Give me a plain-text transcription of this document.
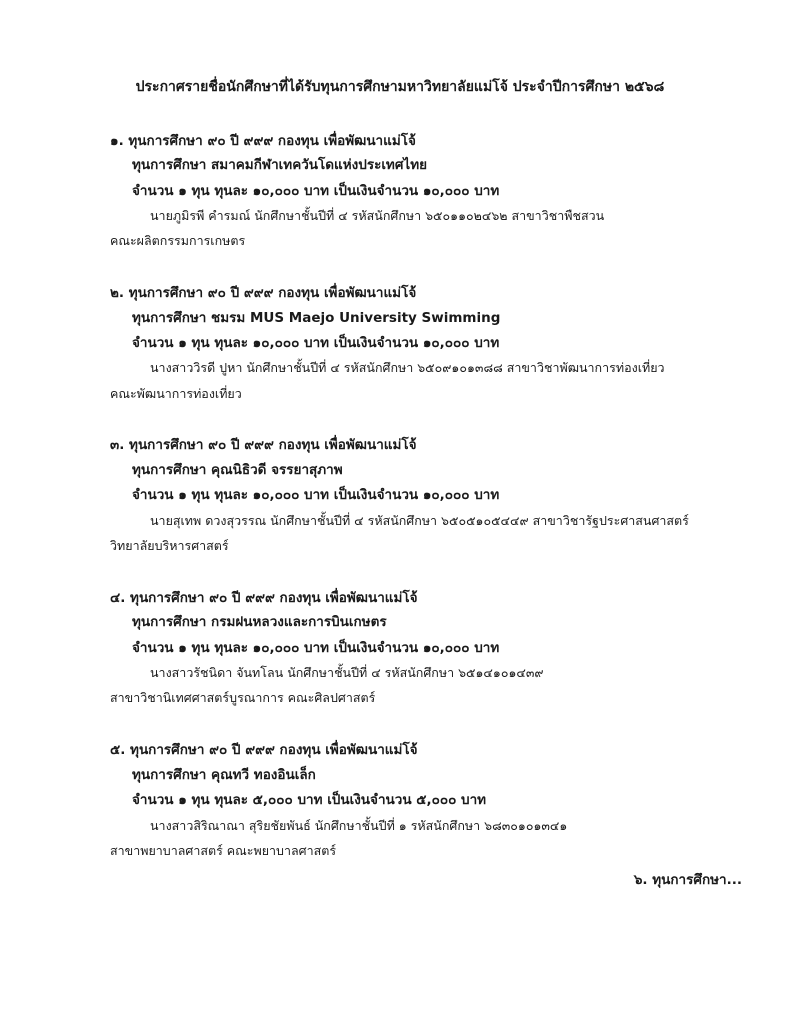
ประกาศรายชื่อนักศึกษาที่ได้รับทุนการศึกษามหาวิทยาลัยแม่โจ้ ประจำปีการศึกษา ๒๕๖๘
๑. ทุนการศึกษา ๙๐ ปี ๙๙๙ กองทุน เพื่อพัฒนาแม่โจ้
ทุนการศึกษา สมาคมกีฬาเทควันโดแห่งประเทศไทย
จำนวน ๑ ทุน ทุนละ ๑๐,๐๐๐ บาท เป็นเงินจำนวน ๑๐,๐๐๐ บาท
นายภูมิรพี คำรมณ์ นักศึกษาชั้นปีที่ ๔ รหัสนักศึกษา ๖๕๐๑๑๐๒๔๖๒ สาขาวิชาพืชสวน
คณะผลิตกรรมการเกษตร
๒. ทุนการศึกษา ๙๐ ปี ๙๙๙ กองทุน เพื่อพัฒนาแม่โจ้
ทุนการศึกษา ชมรม MUS Maejo University Swimming
จำนวน ๑ ทุน ทุนละ ๑๐,๐๐๐ บาท เป็นเงินจำนวน ๑๐,๐๐๐ บาท
นางสาววิรดี ปูหา นักศึกษาชั้นปีที่ ๔ รหัสนักศึกษา ๖๕๐๙๑๐๑๓๘๘ สาขาวิชาพัฒนาการท่องเที่ยว
คณะพัฒนาการท่องเที่ยว
๓. ทุนการศึกษา ๙๐ ปี ๙๙๙ กองทุน เพื่อพัฒนาแม่โจ้
ทุนการศึกษา คุณนิธิวดี จรรยาสุภาพ
จำนวน ๑ ทุน ทุนละ ๑๐,๐๐๐ บาท เป็นเงินจำนวน ๑๐,๐๐๐ บาท
นายสุเทพ ดวงสุวรรณ นักศึกษาชั้นปีที่ ๔ รหัสนักศึกษา ๖๕๐๕๑๐๕๔๔๙ สาขาวิชารัฐประศาสนศาสตร์
วิทยาลัยบริหารศาสตร์
๔. ทุนการศึกษา ๙๐ ปี ๙๙๙ กองทุน เพื่อพัฒนาแม่โจ้
ทุนการศึกษา กรมฝนหลวงและการบินเกษตร
จำนวน ๑ ทุน ทุนละ ๑๐,๐๐๐ บาท เป็นเงินจำนวน ๑๐,๐๐๐ บาท
นางสาวรัชนิดา จันทโลน นักศึกษาชั้นปีที่ ๔ รหัสนักศึกษา ๖๕๑๔๑๐๑๔๓๙
สาขาวิชานิเทศศาสตร์บูรณาการ คณะศิลปศาสตร์
๕. ทุนการศึกษา ๙๐ ปี ๙๙๙ กองทุน เพื่อพัฒนาแม่โจ้
ทุนการศึกษา คุณทวี ทองอินเล็ก
จำนวน ๑ ทุน ทุนละ ๕,๐๐๐ บาท เป็นเงินจำนวน ๕,๐๐๐ บาท
นางสาวสิริณาณา สุริยชัยพันธ์ นักศึกษาชั้นปีที่ ๑ รหัสนักศึกษา ๖๘๓๐๑๐๑๓๔๑
สาขาพยาบาลศาสตร์ คณะพยาบาลศาสตร์
๖. ทุนการศึกษา...
